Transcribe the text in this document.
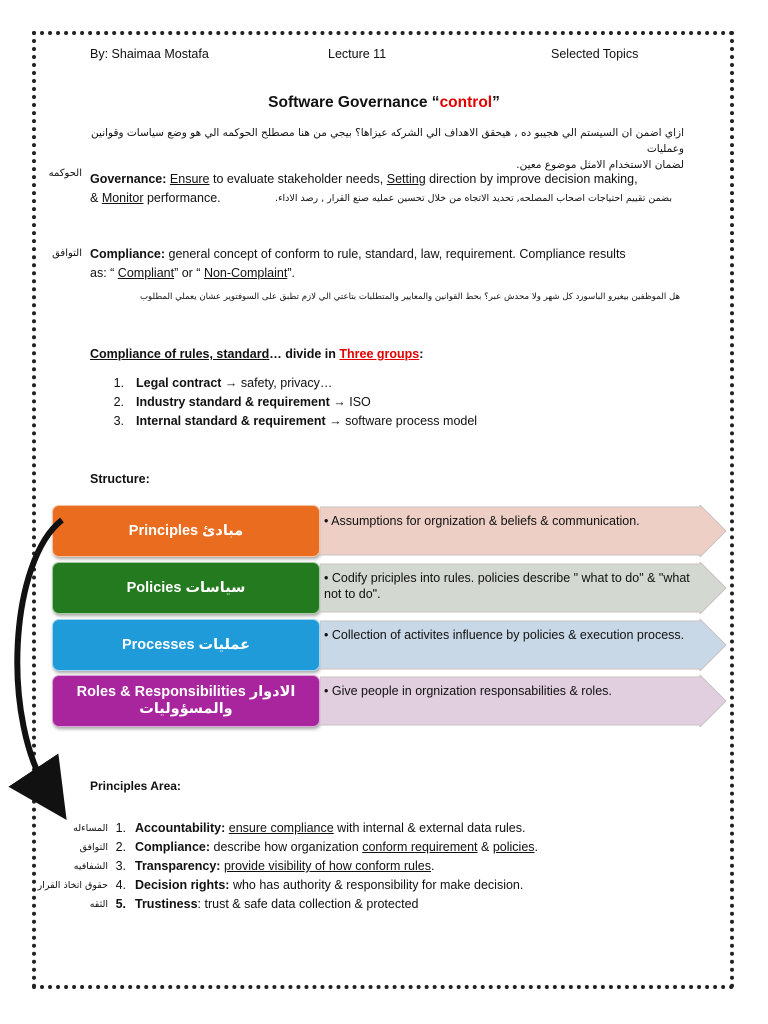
By: Shaimaa Mostafa	Lecture 11	Selected Topics
Software Governance “control”
ازاي اضمن ان السيستم الي هجيبو ده , هيحقق الاهداف الي الشركه عيزاها؟ بيجي من هنا مصطلح الحوكمه الي هو وضع سياسات وقوانين وعمليات
لضمان الاستخدام الامثل موضوع معين.
الحوكمه Governance: Ensure to evaluate stakeholder needs, Setting direction by improve decision making,
& Monitor performance.	بضمن تقييم احتياجات اصحاب المصلحه, تحديد الاتجاه من خلال تحسين عمليه صنع القرار , رصد الاداء.
التوافق Compliance: general concept of conform to rule, standard, law, requirement. Compliance results
as: “ Compliant” or “ Non-Complaint”.
هل الموظفين بيغيرو الباسورد كل شهر ولا محدش عبر؟ بحط القوانين والمعايير والمتطلبات بتاعتي الي لازم تطبق على السوفتوير عشان يعملي المطلوب
Compliance of rules, standard… divide in Three groups:
1. Legal contract → safety, privacy…
2. Industry standard & requirement → ISO
3. Internal standard & requirement → software process model
Structure:
Principles مبادئ
• Assumptions for orgnization & beliefs & communication.
Policies سياسات
• Codify priciples into rules. policies describe " what to do" & "what not to do".
Processes عمليات
• Collection of activites influence by policies & execution process.
Roles & Responsibilities الادوار والمسؤوليات
• Give people in orgnization responsabilities & roles.
Principles Area:
المساءله 1. Accountability: ensure compliance with internal & external data rules.
التوافق 2. Compliance: describe how organization conform requirement & policies.
الشفافيه 3. Transparency: provide visibility of how conform rules.
حقوق اتخاذ القرار 4. Decision rights: who has authority & responsibility for make decision.
الثقه 5. Trustiness: trust & safe data collection & protected
